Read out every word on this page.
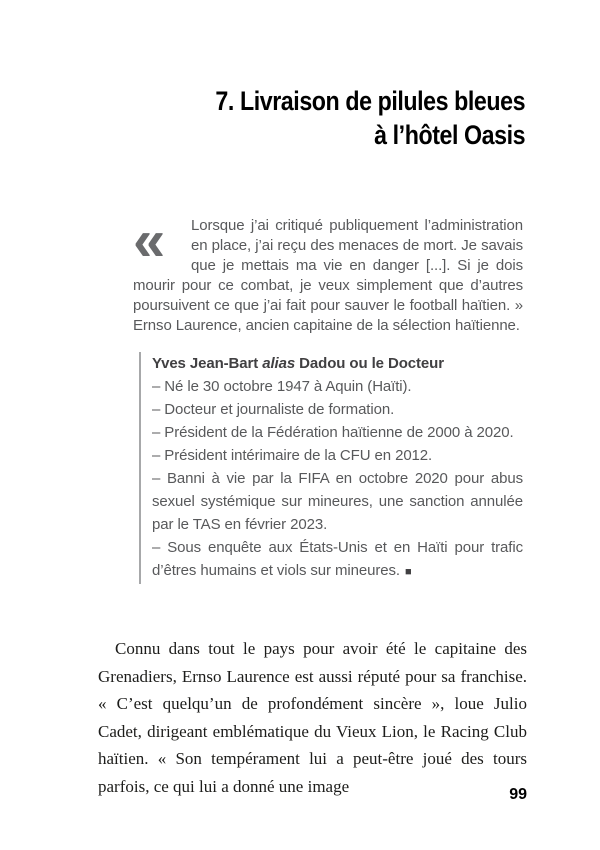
7. Livraison de pilules bleues
à l’hôtel Oasis
«	Lorsque j’ai critiqué publiquement l’administration en place, j’ai reçu des menaces de mort. Je savais que je mettais ma vie en danger [...]. Si je dois mourir pour ce combat, je veux simplement que d’autres poursuivent ce que j’ai fait pour sauver le football haïtien. » Ernso Laurence, ancien capitaine de la sélection haïtienne.
Yves Jean-Bart alias Dadou ou le Docteur

– Né le 30 octobre 1947 à Aquin (Haïti).

– Docteur et journaliste de formation.

– Président de la Fédération haïtienne de 2000 à 2020.

– Président intérimaire de la CFU en 2012.

– Banni à vie par la FIFA en octobre 2020 pour abus sexuel systémique sur mineures, une sanction annulée par le TAS en février 2023.

– Sous enquête aux États-Unis et en Haïti pour trafic d’êtres humains et viols sur mineures. ■

Connu dans tout le pays pour avoir été le capitaine des Grenadiers, Ernso Laurence est aussi réputé pour sa franchise. « C’est quelqu’un de profondément sincère », loue Julio Cadet, dirigeant emblématique du Vieux Lion, le Racing Club haïtien. « Son tempérament lui a peut-être joué des tours parfois, ce qui lui a donné une image	99
